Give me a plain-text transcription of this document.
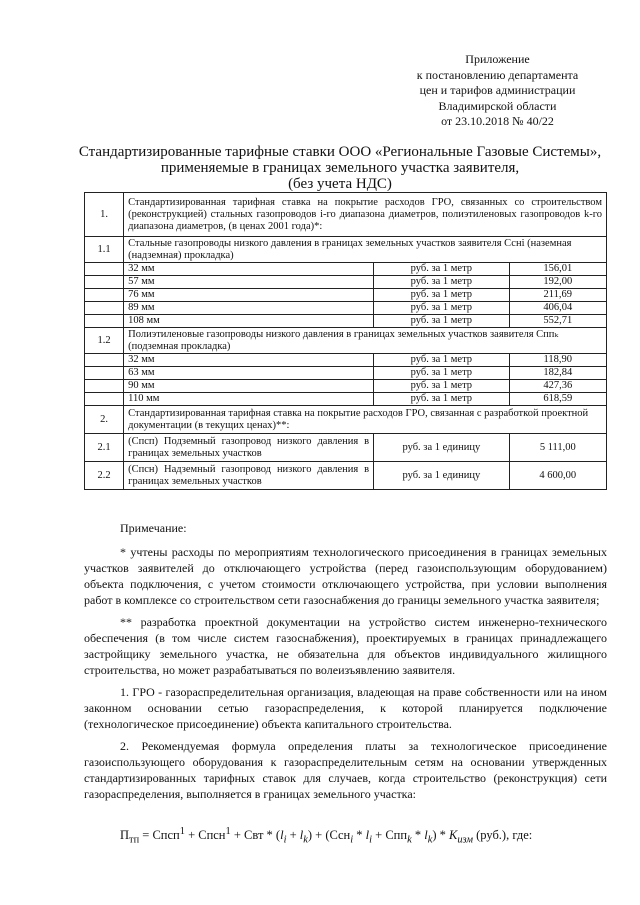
Приложение
к постановлению департамента
цен и тарифов администрации
Владимирской области
от 23.10.2018 № 40/22
Стандартизированные тарифные ставки ООО «Региональные Газовые Системы»,
применяемые в границах земельного участка заявителя,
(без учета НДС)
1.	Стандартизированная тарифная ставка на покрытие расходов ГРО, связанных со строительством (реконструкцией) стальных газопроводов i-го диапазона диаметров, полиэтиленовых газопроводов k-го диапазона диаметров, (в ценах 2001 года)*:		
1.1	Стальные газопроводы низкого давления в границах земельных участков заявителя Ссні (наземная (надземная) прокладка)		
	32 мм	руб. за 1 метр	156,01
	57 мм	руб. за 1 метр	192,00
	76 мм	руб. за 1 метр	211,69
	89 мм	руб. за 1 метр	406,04
	108 мм	руб. за 1 метр	552,71
1.2	Полиэтиленовые газопроводы низкого давления в границах земельных участков заявителя Сппₖ (подземная прокладка)		
	32 мм	руб. за 1 метр	118,90
	63 мм	руб. за 1 метр	182,84
	90 мм	руб. за 1 метр	427,36
	110 мм	руб. за 1 метр	618,59
2.	Стандартизированная тарифная ставка на покрытие расходов ГРО, связанная с разработкой проектной документации (в текущих ценах)**:		
2.1	(Спсп) Подземный газопровод низкого давления в границах земельных участков	руб. за 1 единицу	5 111,00
2.2	(Спсн) Надземный газопровод низкого давления в границах земельных участков	руб. за 1 единицу	4 600,00

Примечание:

* учтены расходы по мероприятиям технологического присоединения в границах земельных участков заявителей до отключающего устройства (перед газоиспользующим оборудованием) объекта подключения, с учетом стоимости отключающего устройства, при условии выполнения работ в комплексе со строительством сети газоснабжения до границы земельного участка заявителя;

** разработка проектной документации на устройство систем инженерно-технического обеспечения (в том числе систем газоснабжения), проектируемых в границах принадлежащего застройщику земельного участка, не обязательна для объектов индивидуального жилищного строительства, но может разрабатываться по волеизъявлению заявителя.

1. ГРО - газораспределительная организация, владеющая на праве собственности или на ином законном основании сетью газораспределения, к которой планируется подключение (технологическое присоединение) объекта капитального строительства.

2. Рекомендуемая формула определения платы за технологическое присоединение газоиспользующего оборудования к газораспределительным сетям на основании утвержденных стандартизированных тарифных ставок для случаев, когда строительство (реконструкция) сети газораспределения, выполняется в границах земельного участка:

$П_{тп}$ = Спсп$^1$ + Спсн$^1$ + Свт * $(l_i + l_k) + (Ссн_i * l_i + Спп_k * l_k) * K_{изм}$ (руб.), где:
